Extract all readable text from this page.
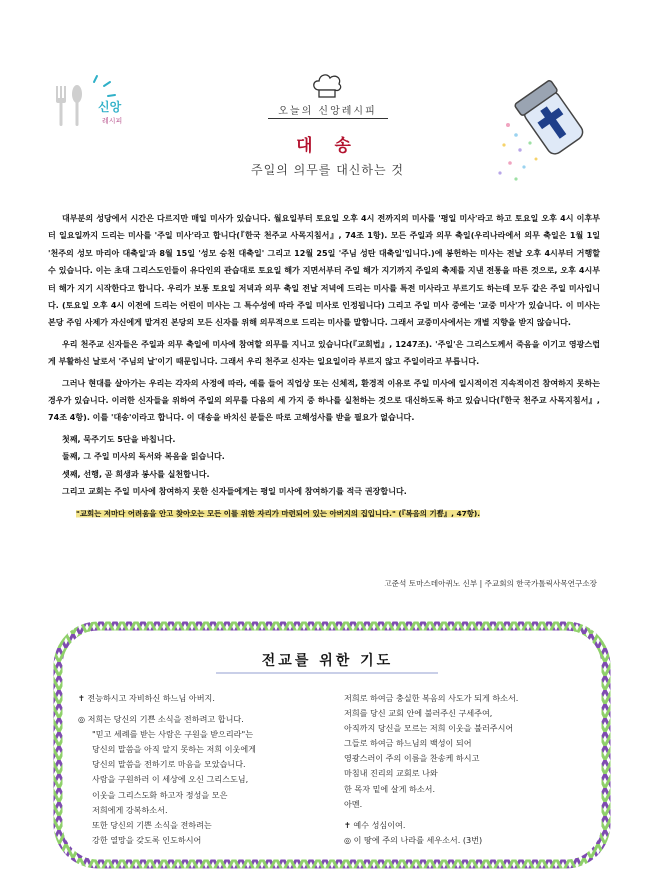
신앙
레시피
오늘의 신앙레시피
대 송
주일의 의무를 대신하는 것

대부분의 성당에서 시간은 다르지만 매일 미사가 있습니다. 월요일부터 토요일 오후 4시 전까지의 미사를 '평일 미사'라고 하고 토요일 오후 4시 이후부터 일요일까지 드리는 미사를 '주일 미사'라고 합니다(『한국 천주교 사목지침서』, 74조 1항). 모든 주일과 의무 축일(우리나라에서 의무 축일은 1월 1일 '천주의 성모 마리아 대축일'과 8월 15일 '성모 승천 대축일' 그리고 12월 25일 '주님 성탄 대축일'입니다.)에 봉헌하는 미사는 전날 오후 4시부터 거행할 수 있습니다. 이는 초대 그리스도인들이 유다인의 관습대로 토요일 해가 지면서부터 주일 해가 지기까지 주일의 축제를 지낸 전통을 따른 것으로, 오후 4시부터 해가 지기 시작한다고 합니다. 우리가 보통 토요일 저녁과 의무 축일 전날 저녁에 드리는 미사를 특전 미사라고 부르기도 하는데 모두 같은 주일 미사입니다. (토요일 오후 4시 이전에 드리는 어린이 미사는 그 특수성에 따라 주일 미사로 인정됩니다) 그리고 주일 미사 중에는 '교중 미사'가 있습니다. 이 미사는 본당 주임 사제가 자신에게 맡겨진 본당의 모든 신자를 위해 의무적으로 드리는 미사를 말합니다. 그래서 교중미사에서는 개별 지향을 받지 않습니다.

우리 천주교 신자들은 주일과 의무 축일에 미사에 참여할 의무를 지니고 있습니다(『교회법』, 1247조). '주일'은 그리스도께서 죽음을 이기고 영광스럽게 부활하신 날로서 '주님의 날'이기 때문입니다. 그래서 우리 천주교 신자는 일요일이라 부르지 않고 주일이라고 부릅니다.

그러나 현대를 살아가는 우리는 각자의 사정에 따라, 예를 들어 직업상 또는 신체적, 환경적 이유로 주일 미사에 일시적이건 지속적이건 참여하지 못하는 경우가 있습니다. 이러한 신자들을 위하여 주일의 의무를 다음의 세 가지 중 하나를 실천하는 것으로 대신하도록 하고 있습니다(『한국 천주교 사목지침서』, 74조 4항). 이를 '대송'이라고 합니다. 이 대송을 바치신 분들은 따로 고해성사를 받을 필요가 없습니다.

첫째, 묵주기도 5단을 바칩니다.
둘째, 그 주일 미사의 독서와 복음을 읽습니다.
셋째, 선행, 곧 희생과 봉사를 실천합니다.
그리고 교회는 주일 미사에 참여하지 못한 신자들에게는 평일 미사에 참여하기를 적극 권장합니다.

"교회는 저마다 어려움을 안고 찾아오는 모든 이를 위한 자리가 마련되어 있는 아버지의 집입니다." (『복음의 기쁨』, 47항).

고준석 토마스데아퀴노 신부 | 주교회의 한국가톨릭사목연구소장
전교를 위한 기도
✝ 전능하시고 자비하신 하느님 아버지.
◎ 저희는 당신의 기쁜 소식을 전하려고 합니다.
"믿고 세례를 받는 사람은 구원을 받으리라"는
당신의 말씀을 아직 알지 못하는 저희 이웃에게
당신의 말씀을 전하기로 마음을 모았습니다.
사람을 구원하러 이 세상에 오신 그리스도님,
이웃을 그리스도화 하고자 정성을 모은
저희에게 강복하소서.
또한 당신의 기쁜 소식을 전하려는
강한 열망을 갖도록 인도하시어
저희로 하여금 충실한 복음의 사도가 되게 하소서.
저희를 당신 교회 안에 불러주신 구세주여,
아직까지 당신을 모르는 저희 이웃을 불러주시어
그들로 하여금 하느님의 백성이 되어
영광스러이 주의 이름을 찬송케 하시고
마침내 진리의 교회로 나와
한 목자 밑에 살게 하소서.
아멘.
✝ 예수 성심이여.
◎ 이 땅에 주의 나라를 세우소서. (3번)
